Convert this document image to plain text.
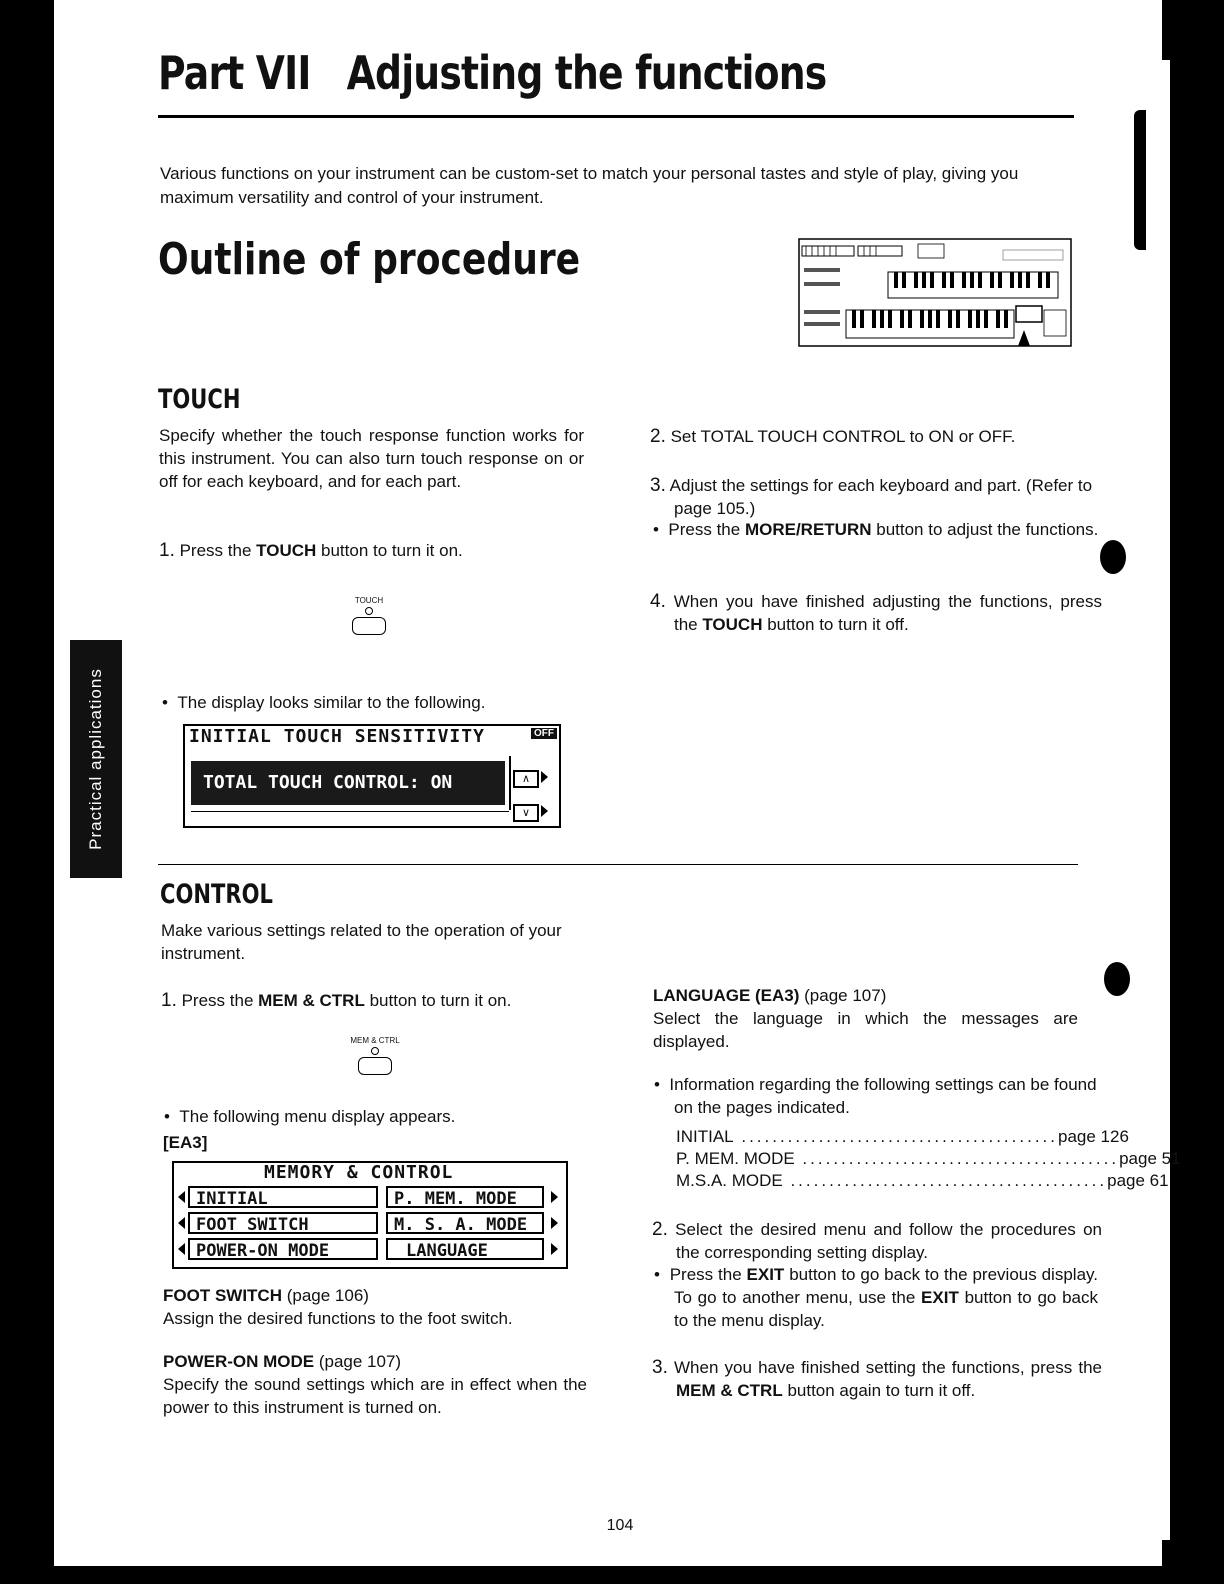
Practical applications
Part VII Adjusting the functions
Various functions on your instrument can be custom-set to match your personal tastes and style of play, giving you maximum versatility and control of your instrument.
Outline of procedure
TOUCH
Specify whether the touch response function works for this instrument. You can also turn touch response on or off for each keyboard, and for each part.
1. Press the TOUCH button to turn it on.
TOUCH
•  The display looks similar to the following.
INITIAL TOUCH SENSITIVITY	OFF
TOTAL TOUCH CONTROL: ON	∧
∨
2. Set TOTAL TOUCH CONTROL to ON or OFF.
3. Adjust the settings for each keyboard and part. (Refer to page 105.)
•  Press the MORE/RETURN button to adjust the functions.
4. When you have finished adjusting the functions, press the TOUCH button to turn it off.
CONTROL
Make various settings related to the operation of your instrument.
1. Press the MEM & CTRL button to turn it on.
MEM & CTRL
•  The following menu display appears.
[EA3]
MEMORY & CONTROL
INITIAL	P. MEM. MODE
FOOT SWITCH	M. S. A. MODE
POWER-ON MODE	LANGUAGE
FOOT SWITCH (page 106)
Assign the desired functions to the foot switch.
POWER-ON MODE (page 107)
Specify the sound settings which are in effect when the power to this instrument is turned on.
LANGUAGE (EA3) (page 107)
Select the language in which the messages are displayed.
•  Information regarding the following settings can be found on the pages indicated.
INITIAL ......................................... page 126
P. MEM. MODE ......................................... page 51
M.S.A. MODE ......................................... page 61
2. Select the desired menu and follow the procedures on the corresponding setting display.
•  Press the EXIT button to go back to the previous display. To go to another menu, use the EXIT button to go back to the menu display.
3. When you have finished setting the functions, press the MEM & CTRL button again to turn it off.
104
